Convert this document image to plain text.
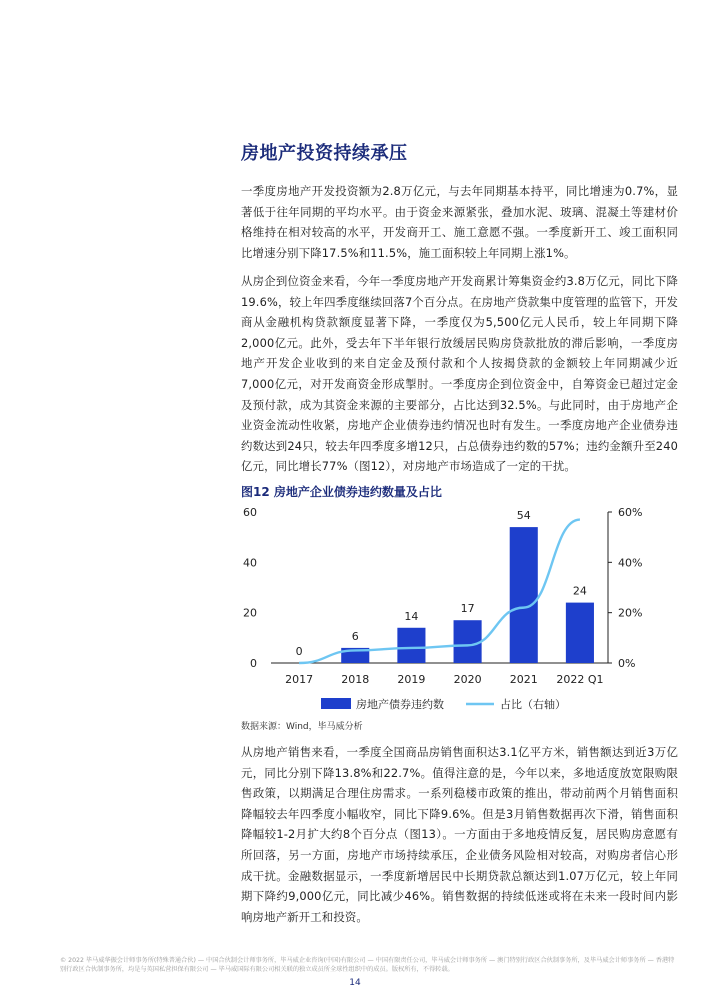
房地产投资持续承压
一季度房地产开发投资额为2.8万亿元，与去年同期基本持平，同比增速为0.7%，显著低于往年同期的平均水平。由于资金来源紧张，叠加水泥、玻璃、混凝土等建材价格维持在相对较高的水平，开发商开工、施工意愿不强。一季度新开工、竣工面积同比增速分别下降17.5%和11.5%，施工面积较上年同期上涨1%。
从房企到位资金来看，今年一季度房地产开发商累计筹集资金约3.8万亿元，同比下降19.6%，较上年四季度继续回落7个百分点。在房地产贷款集中度管理的监管下，开发商从金融机构贷款额度显著下降，一季度仅为5,500亿元人民币，较上年同期下降2,000亿元。此外，受去年下半年银行放缓居民购房贷款批放的滞后影响，一季度房地产开发企业收到的来自定金及预付款和个人按揭贷款的金额较上年同期减少近7,000亿元，对开发商资金形成掣肘。一季度房企到位资金中，自筹资金已超过定金及预付款，成为其资金来源的主要部分，占比达到32.5%。与此同时，由于房地产企业资金流动性收紧，房地产企业债券违约情况也时有发生。一季度房地产企业债券违约数达到24只，较去年四季度多增12只，占总债券违约数的57%；违约金额升至240亿元，同比增长77%（图12），对房地产市场造成了一定的干扰。
图12 房地产企业债券违约数量及占比
0
20
40
60
0%
20%
40%
60%
0
2017
6
2018
14
2019
17
2020
54
2021
24
2022 Q1
房地产债券违约数	占比（右轴）
数据来源：Wind，毕马威分析
从房地产销售来看，一季度全国商品房销售面积达3.1亿平方米，销售额达到近3万亿元，同比分别下降13.8%和22.7%。值得注意的是，今年以来，多地适度放宽限购限售政策，以期满足合理住房需求。一系列稳楼市政策的推出，带动前两个月销售面积降幅较去年四季度小幅收窄，同比下降9.6%。但是3月销售数据再次下滑，销售面积降幅较1-2月扩大约8个百分点（图13）。一方面由于多地疫情反复，居民购房意愿有所回落，另一方面，房地产市场持续承压，企业债务风险相对较高，对购房者信心形成干扰。金融数据显示，一季度新增居民中长期贷款总额达到1.07万亿元，较上年同期下降约9,000亿元，同比减少46%。销售数据的持续低迷或将在未来一段时间内影响房地产新开工和投资。
© 2022 毕马威华振会计师事务所(特殊普通合伙) — 中国合伙制会计师事务所，毕马威企业咨询(中国)有限公司 — 中国有限责任公司，毕马威会计师事务所 — 澳门特别行政区合伙制事务所，及毕马威会计师事务所 — 香港特别行政区合伙制事务所，均是与英国私营担保有限公司 — 毕马威国际有限公司相关联的独立成员所全球性组织中的成员。版权所有，不得转载。
14
